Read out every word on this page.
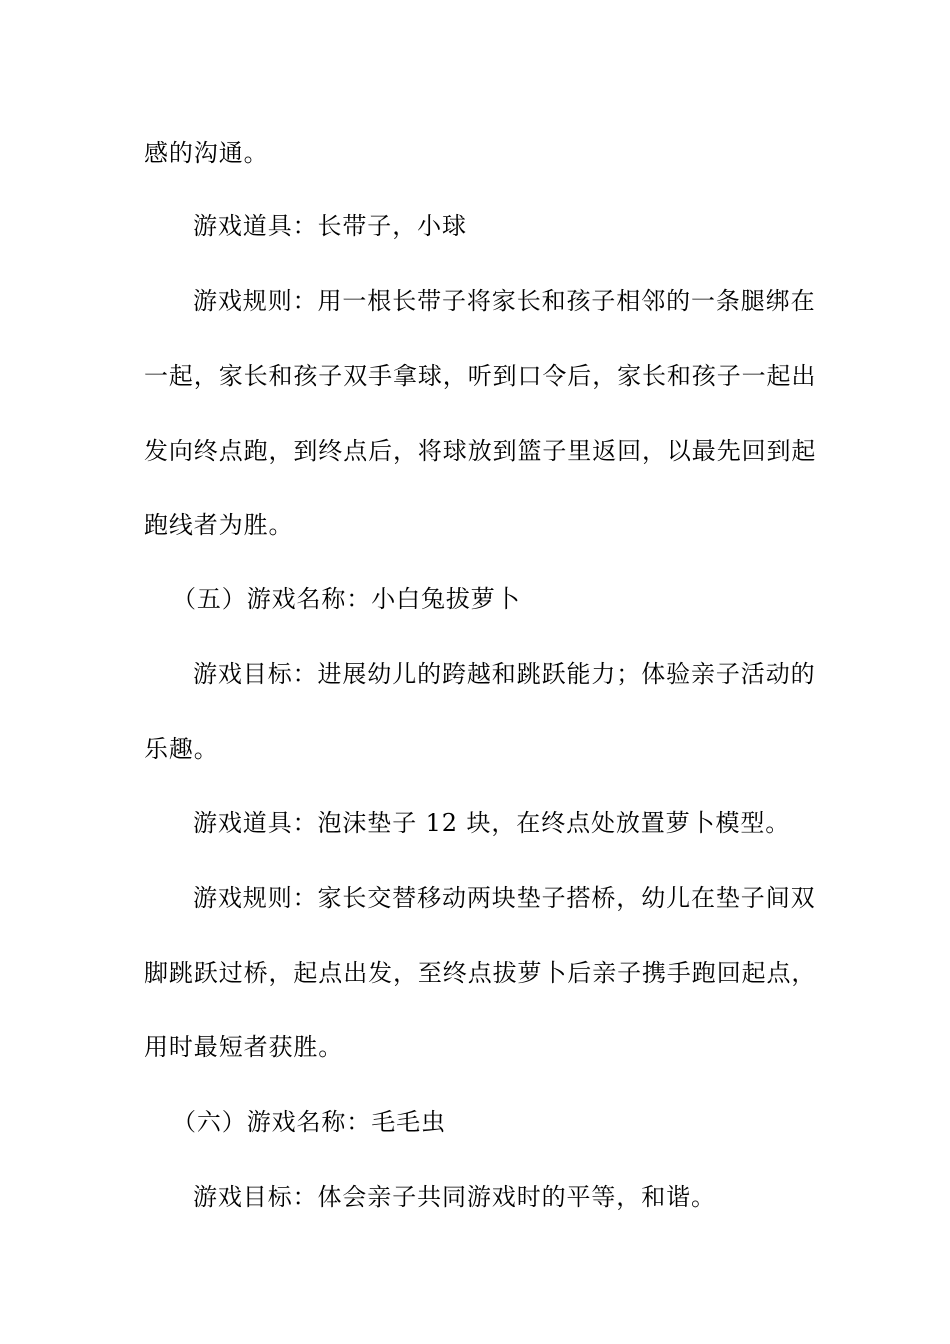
感的沟通。
游戏道具：长带子，小球
游戏规则：用一根长带子将家长和孩子相邻的一条腿绑在
一起，家长和孩子双手拿球，听到口令后，家长和孩子一起出
发向终点跑，到终点后，将球放到篮子里返回，以最先回到起
跑线者为胜。
（五）游戏名称：小白兔拔萝卜
游戏目标：进展幼儿的跨越和跳跃能力；体验亲子活动的
乐趣。
游戏道具：泡沫垫子 12 块，在终点处放置萝卜模型。
游戏规则：家长交替移动两块垫子搭桥，幼儿在垫子间双
脚跳跃过桥，起点出发，至终点拔萝卜后亲子携手跑回起点，
用时最短者获胜。
（六）游戏名称：毛毛虫
游戏目标：体会亲子共同游戏时的平等，和谐。
